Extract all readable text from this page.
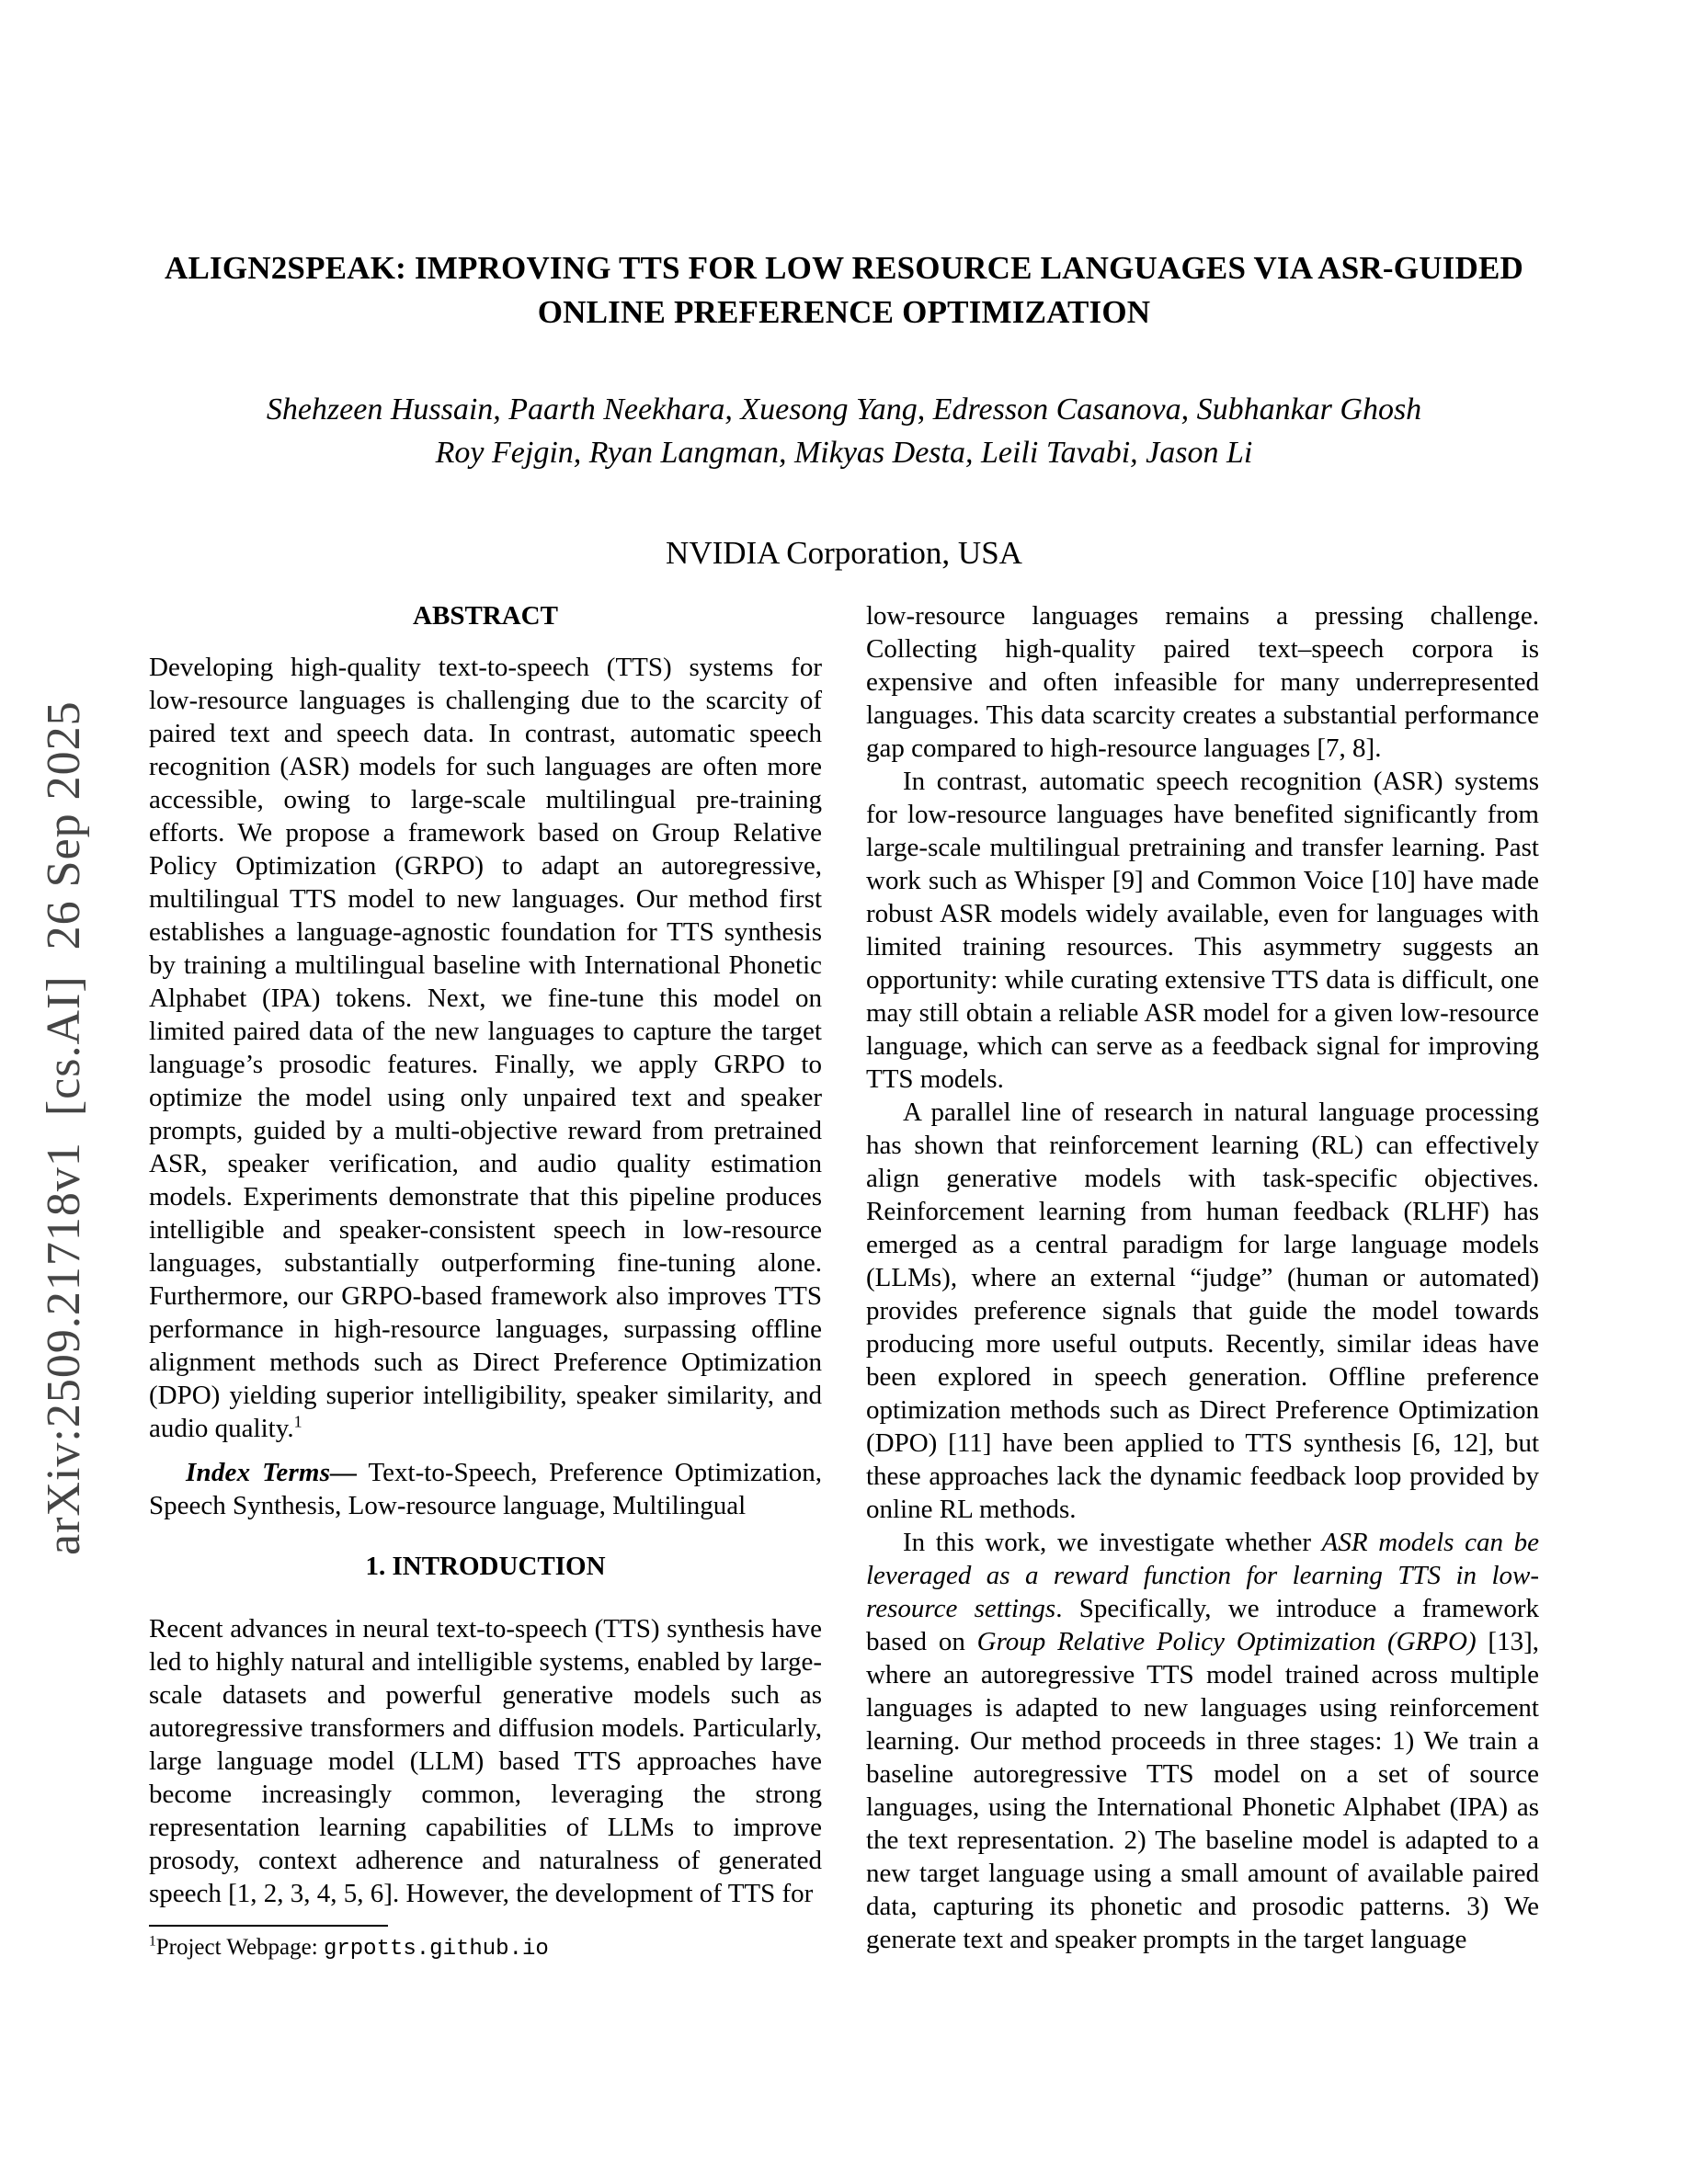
arXiv:2509.21718v1  [cs.AI]  26 Sep 2025
ALIGN2SPEAK: IMPROVING TTS FOR LOW RESOURCE LANGUAGES VIA ASR-GUIDED
ONLINE PREFERENCE OPTIMIZATION
Shehzeen Hussain, Paarth Neekhara, Xuesong Yang, Edresson Casanova, Subhankar Ghosh
Roy Fejgin, Ryan Langman, Mikyas Desta, Leili Tavabi, Jason Li
NVIDIA Corporation, USA
ABSTRACT

Developing high-quality text-to-speech (TTS) systems for low-resource languages is challenging due to the scarcity of paired text and speech data. In contrast, automatic speech recognition (ASR) models for such languages are often more accessible, owing to large-scale multilingual pre-training efforts. We propose a framework based on Group Relative Policy Optimization (GRPO) to adapt an autoregressive, multilingual TTS model to new languages. Our method first establishes a language-agnostic foundation for TTS synthesis by training a multilingual baseline with International Phonetic Alphabet (IPA) tokens. Next, we fine-tune this model on limited paired data of the new languages to capture the target language’s prosodic features. Finally, we apply GRPO to optimize the model using only unpaired text and speaker prompts, guided by a multi-objective reward from pretrained ASR, speaker verification, and audio quality estimation models. Experiments demonstrate that this pipeline produces intelligible and speaker-consistent speech in low-resource languages, substantially outperforming fine-tuning alone. Furthermore, our GRPO-based framework also improves TTS performance in high-resource languages, surpassing offline alignment methods such as Direct Preference Optimization (DPO) yielding superior intelligibility, speaker similarity, and audio quality.$^1$

Index Terms— Text-to-Speech, Preference Optimization, Speech Synthesis, Low-resource language, Multilingual

1. INTRODUCTION

Recent advances in neural text-to-speech (TTS) synthesis have led to highly natural and intelligible systems, enabled by large-scale datasets and powerful generative models such as autoregressive transformers and diffusion models. Particularly, large language model (LLM) based TTS approaches have become increasingly common, leveraging the strong representation learning capabilities of LLMs to improve prosody, context adherence and naturalness of generated speech [1, 2, 3, 4, 5, 6]. However, the development of TTS for

$^1$Project Webpage: grpotts.github.io

low-resource languages remains a pressing challenge. Collecting high-quality paired text–speech corpora is expensive and often infeasible for many underrepresented languages. This data scarcity creates a substantial performance gap compared to high-resource languages [7, 8].

In contrast, automatic speech recognition (ASR) systems for low-resource languages have benefited significantly from large-scale multilingual pretraining and transfer learning. Past work such as Whisper [9] and Common Voice [10] have made robust ASR models widely available, even for languages with limited training resources. This asymmetry suggests an opportunity: while curating extensive TTS data is difficult, one may still obtain a reliable ASR model for a given low-resource language, which can serve as a feedback signal for improving TTS models.

A parallel line of research in natural language processing has shown that reinforcement learning (RL) can effectively align generative models with task-specific objectives. Reinforcement learning from human feedback (RLHF) has emerged as a central paradigm for large language models (LLMs), where an external “judge” (human or automated) provides preference signals that guide the model towards producing more useful outputs. Recently, similar ideas have been explored in speech generation. Offline preference optimization methods such as Direct Preference Optimization (DPO) [11] have been applied to TTS synthesis [6, 12], but these approaches lack the dynamic feedback loop provided by online RL methods.

In this work, we investigate whether ASR models can be leveraged as a reward function for learning TTS in low-resource settings. Specifically, we introduce a framework based on Group Relative Policy Optimization (GRPO) [13], where an autoregressive TTS model trained across multiple languages is adapted to new languages using reinforcement learning. Our method proceeds in three stages: 1) We train a baseline autoregressive TTS model on a set of source languages, using the International Phonetic Alphabet (IPA) as the text representation. 2) The baseline model is adapted to a new target language using a small amount of available paired data, capturing its phonetic and prosodic patterns. 3) We generate text and speaker prompts in the target language
